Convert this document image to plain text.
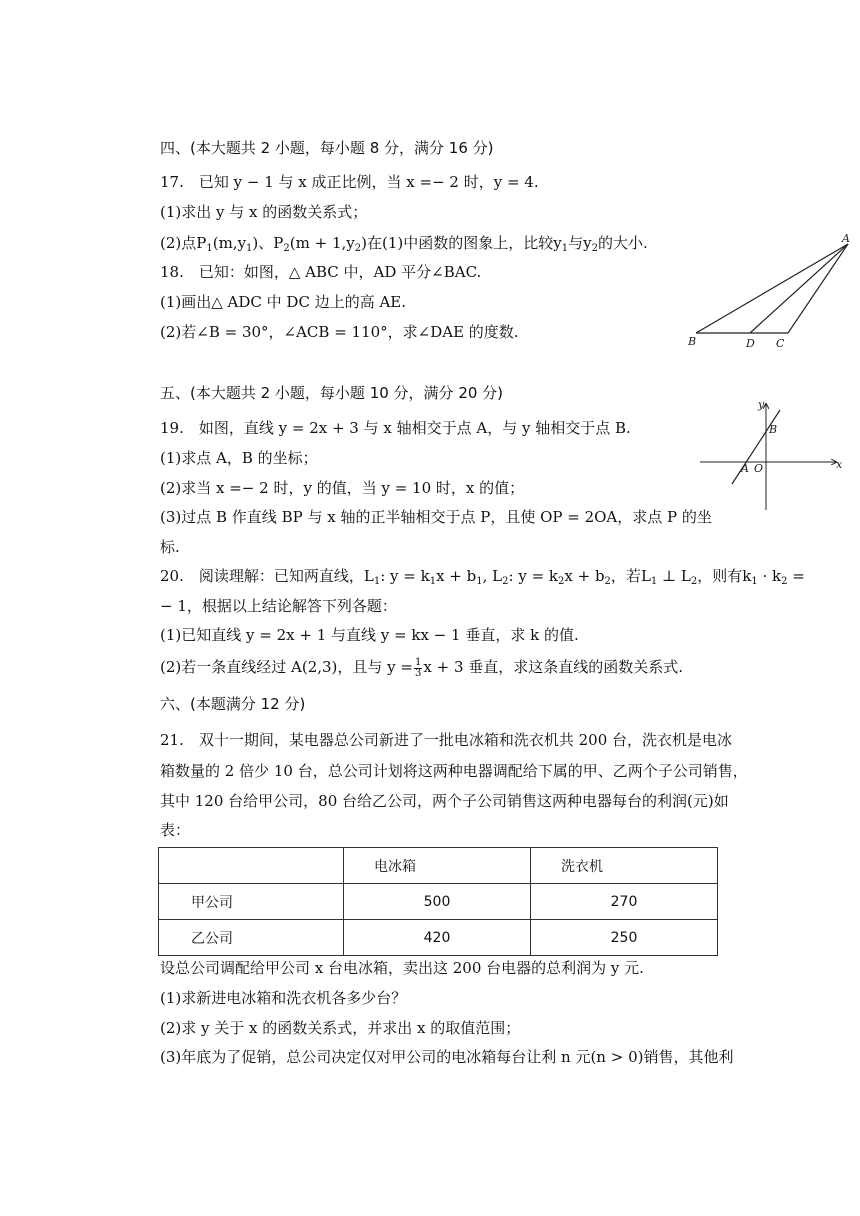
四、(本大题共 2 小题，每小题 8 分，满分 16 分)
17.　已知 y − 1 与 x 成正比例，当 x =− 2 时，y = 4.
(1)求出 y 与 x 的函数关系式；
(2)点$P_1(m,y_1)$、$P_2(m + 1,y_2)$在(1)中函数的图象上，比较$y_1$与$y_2$的大小.
18.　已知：如图，△ ABC 中，AD 平分∠BAC.
(1)画出△ ADC 中 DC 边上的高 AE.
(2)若∠B = 30°，∠ACB = 110°，求∠DAE 的度数.
A
B	D C
五、(本大题共 2 小题，每小题 10 分，满分 20 分)
19.　如图，直线 y = 2x + 3 与 x 轴相交于点 A，与 y 轴相交于点 B.
(1)求点 A，B 的坐标；
(2)求当 x =− 2 时，y 的值，当 y = 10 时，x 的值；
(3)过点 B 作直线 BP 与 x 轴的正半轴相交于点 P，且使 OP = 2OA，求点 P 的坐
标.
y
x
B
A O
20.　阅读理解：已知两直线，$L_1$: $y = k_1x + b_1$, $L_2$: $y = k_2x + b_2$，若$L_1$ ⊥ $L_2$，则有$k_1 \cdot k_2$ =
− 1，根据以上结论解答下列各题：
(1)已知直线 y = 2x + 1 与直线 y = kx − 1 垂直，求 k 的值.
(2)若一条直线经过 A(2,3)，且与 $y = \frac{1}{3}$ x + 3 垂直，求这条直线的函数关系式.
六、(本题满分 12 分)
21.　双十一期间，某电器总公司新进了一批电冰箱和洗衣机共 200 台，洗衣机是电冰
箱数量的 2 倍少 10 台，总公司计划将这两种电器调配给下属的甲、乙两个子公司销售，
其中 120 台给甲公司，80 台给乙公司，两个子公司销售这两种电器每台的利润(元)如
表：
	电冰箱	洗衣机
甲公司	500	270
乙公司	420	250
设总公司调配给甲公司 x 台电冰箱，卖出这 200 台电器的总利润为 y 元.
(1)求新进电冰箱和洗衣机各多少台？
(2)求 y 关于 x 的函数关系式，并求出 x 的取值范围；
(3)年底为了促销，总公司决定仅对甲公司的电冰箱每台让利 n 元(n > 0)销售，其他利
